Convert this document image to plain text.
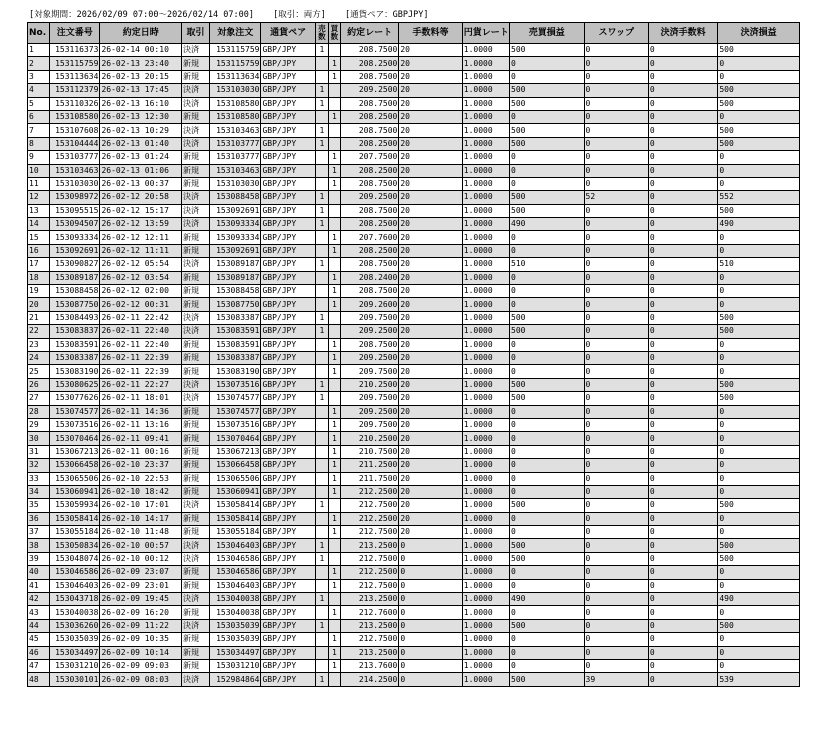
[対象期間：2026/02/09 07:00～2026/02/14 07:00] [取引：両方] [通貨ペア：GBPJPY]
No.	注文番号	約定日時	取引	対象注文	通貨ペア	売数	買数	約定レート	手数料等	円貨レート	売買損益	スワップ	決済手数料	決済損益
1	153116373	26-02-14 00:10	決済	153115759	GBP/JPY	1		208.7500	20	1.0000	500	0	0	500
2	153115759	26-02-13 23:40	新規	153115759	GBP/JPY		1	208.2500	20	1.0000	0	0	0	0
3	153113634	26-02-13 20:15	新規	153113634	GBP/JPY		1	208.7500	20	1.0000	0	0	0	0
4	153112379	26-02-13 17:45	決済	153103030	GBP/JPY	1		209.2500	20	1.0000	500	0	0	500
5	153110326	26-02-13 16:10	決済	153108580	GBP/JPY	1		208.7500	20	1.0000	500	0	0	500
6	153108580	26-02-13 12:30	新規	153108580	GBP/JPY		1	208.2500	20	1.0000	0	0	0	0
7	153107608	26-02-13 10:29	決済	153103463	GBP/JPY	1		208.7500	20	1.0000	500	0	0	500
8	153104444	26-02-13 01:40	決済	153103777	GBP/JPY	1		208.2500	20	1.0000	500	0	0	500
9	153103777	26-02-13 01:24	新規	153103777	GBP/JPY		1	207.7500	20	1.0000	0	0	0	0
10	153103463	26-02-13 01:06	新規	153103463	GBP/JPY		1	208.2500	20	1.0000	0	0	0	0
11	153103030	26-02-13 00:37	新規	153103030	GBP/JPY		1	208.7500	20	1.0000	0	0	0	0
12	153098972	26-02-12 20:58	決済	153088458	GBP/JPY	1		209.2500	20	1.0000	500	52	0	552
13	153095515	26-02-12 15:17	決済	153092691	GBP/JPY	1		208.7500	20	1.0000	500	0	0	500
14	153094507	26-02-12 13:59	決済	153093334	GBP/JPY	1		208.2500	20	1.0000	490	0	0	490
15	153093334	26-02-12 12:11	新規	153093334	GBP/JPY		1	207.7600	20	1.0000	0	0	0	0
16	153092691	26-02-12 11:11	新規	153092691	GBP/JPY		1	208.2500	20	1.0000	0	0	0	0
17	153090827	26-02-12 05:54	決済	153089187	GBP/JPY	1		208.7500	20	1.0000	510	0	0	510
18	153089187	26-02-12 03:54	新規	153089187	GBP/JPY		1	208.2400	20	1.0000	0	0	0	0
19	153088458	26-02-12 02:00	新規	153088458	GBP/JPY		1	208.7500	20	1.0000	0	0	0	0
20	153087750	26-02-12 00:31	新規	153087750	GBP/JPY		1	209.2600	20	1.0000	0	0	0	0
21	153084493	26-02-11 22:42	決済	153083387	GBP/JPY	1		209.7500	20	1.0000	500	0	0	500
22	153083837	26-02-11 22:40	決済	153083591	GBP/JPY	1		209.2500	20	1.0000	500	0	0	500
23	153083591	26-02-11 22:40	新規	153083591	GBP/JPY		1	208.7500	20	1.0000	0	0	0	0
24	153083387	26-02-11 22:39	新規	153083387	GBP/JPY		1	209.2500	20	1.0000	0	0	0	0
25	153083190	26-02-11 22:39	新規	153083190	GBP/JPY		1	209.7500	20	1.0000	0	0	0	0
26	153080625	26-02-11 22:27	決済	153073516	GBP/JPY	1		210.2500	20	1.0000	500	0	0	500
27	153077626	26-02-11 18:01	決済	153074577	GBP/JPY	1		209.7500	20	1.0000	500	0	0	500
28	153074577	26-02-11 14:36	新規	153074577	GBP/JPY		1	209.2500	20	1.0000	0	0	0	0
29	153073516	26-02-11 13:16	新規	153073516	GBP/JPY		1	209.7500	20	1.0000	0	0	0	0
30	153070464	26-02-11 09:41	新規	153070464	GBP/JPY		1	210.2500	20	1.0000	0	0	0	0
31	153067213	26-02-11 00:16	新規	153067213	GBP/JPY		1	210.7500	20	1.0000	0	0	0	0
32	153066458	26-02-10 23:37	新規	153066458	GBP/JPY		1	211.2500	20	1.0000	0	0	0	0
33	153065506	26-02-10 22:53	新規	153065506	GBP/JPY		1	211.7500	20	1.0000	0	0	0	0
34	153060941	26-02-10 18:42	新規	153060941	GBP/JPY		1	212.2500	20	1.0000	0	0	0	0
35	153059934	26-02-10 17:01	決済	153058414	GBP/JPY	1		212.7500	20	1.0000	500	0	0	500
36	153058414	26-02-10 14:17	新規	153058414	GBP/JPY		1	212.2500	20	1.0000	0	0	0	0
37	153055184	26-02-10 11:48	新規	153055184	GBP/JPY		1	212.7500	20	1.0000	0	0	0	0
38	153050834	26-02-10 00:57	決済	153046403	GBP/JPY	1		213.2500	0	1.0000	500	0	0	500
39	153048074	26-02-10 00:12	決済	153046586	GBP/JPY	1		212.7500	0	1.0000	500	0	0	500
40	153046586	26-02-09 23:07	新規	153046586	GBP/JPY		1	212.2500	0	1.0000	0	0	0	0
41	153046403	26-02-09 23:01	新規	153046403	GBP/JPY		1	212.7500	0	1.0000	0	0	0	0
42	153043718	26-02-09 19:45	決済	153040038	GBP/JPY	1		213.2500	0	1.0000	490	0	0	490
43	153040038	26-02-09 16:20	新規	153040038	GBP/JPY		1	212.7600	0	1.0000	0	0	0	0
44	153036260	26-02-09 11:22	決済	153035039	GBP/JPY	1		213.2500	0	1.0000	500	0	0	500
45	153035039	26-02-09 10:35	新規	153035039	GBP/JPY		1	212.7500	0	1.0000	0	0	0	0
46	153034497	26-02-09 10:14	新規	153034497	GBP/JPY		1	213.2500	0	1.0000	0	0	0	0
47	153031210	26-02-09 09:03	新規	153031210	GBP/JPY		1	213.7600	0	1.0000	0	0	0	0
48	153030101	26-02-09 08:03	決済	152984864	GBP/JPY	1		214.2500	0	1.0000	500	39	0	539
